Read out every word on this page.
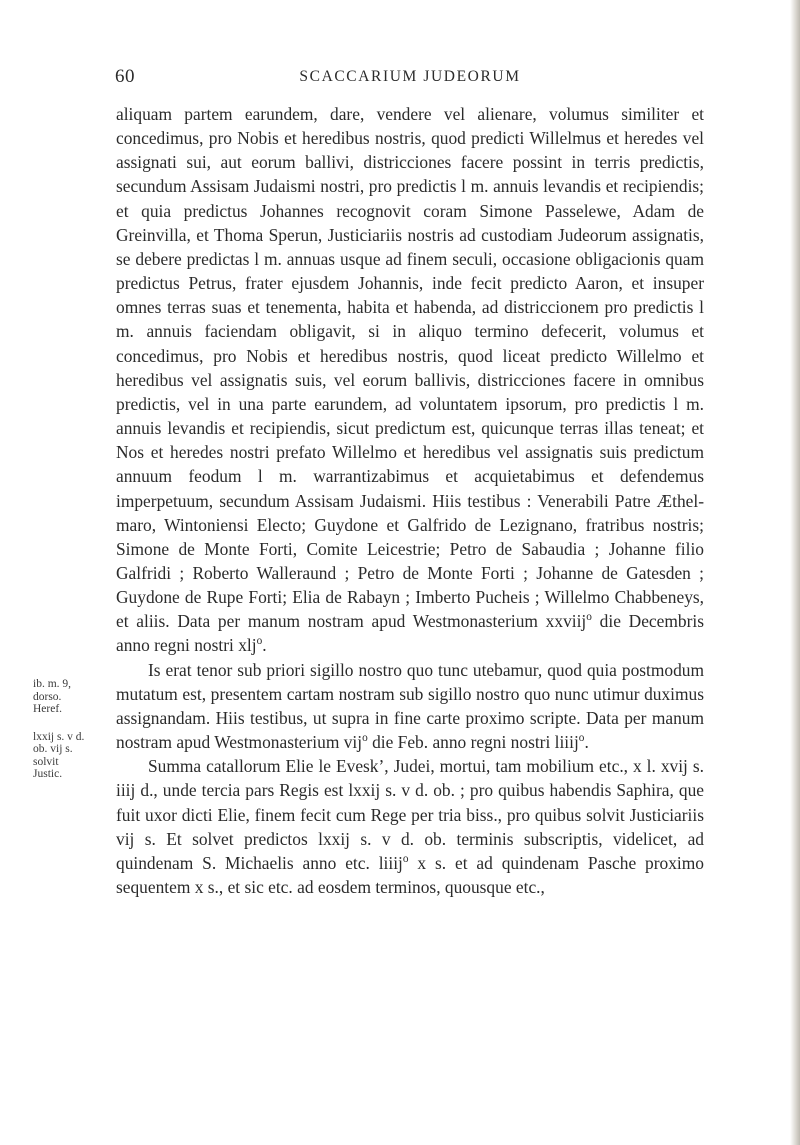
60	SCACCARIUM JUDEORUM

aliquam partem earundem, dare, vendere vel alienare, volumus similiter et concedimus, pro Nobis et heredibus nostris, quod predicti Willelmus et heredes vel assignati sui, aut eorum ballivi, districciones facere possint in terris predictis, secundum Assisam Judaismi nostri, pro predictis l m. annuis levandis et recipiendis; et quia predictus Johannes recognovit coram Simone Passelewe, Adam de Greinvilla, et Thoma Sperun, Justiciariis nostris ad custodiam Judeorum assignatis, se debere predictas l m. annuas usque ad finem seculi, occasione obligacionis quam predictus Petrus, frater ejusdem Johannis, inde fecit predicto Aaron, et insuper omnes terras suas et tenementa, habita et habenda, ad districcionem pro predictis l m. annuis faciendam obligavit, si in aliquo termino defecerit, volumus et concedimus, pro Nobis et heredibus nostris, quod liceat predicto Willelmo et heredibus vel assignatis suis, vel eorum ballivis, districciones facere in omnibus predictis, vel in una parte earundem, ad voluntatem ipsorum, pro predictis l m. annuis levandis et recipiendis, sicut predictum est, quicunque terras illas teneat; et Nos et heredes nostri prefato Willelmo et heredibus vel assignatis suis predictum annuum feodum l m. warrantizabimus et acquietabimus et defendemus imperpetuum, secundum Assisam Judaismi. Hiis testibus : Venerabili Patre Æthelmaro, Wintoniensi Electo; Guydone et Galfrido de Lezignano, fratribus nostris; Simone de Monte Forti, Comite Leicestrie; Petro de Sabaudia ; Johanne filio Galfridi ; Roberto Walleraund ; Petro de Monte Forti ; Johanne de Gatesden ; Guydone de Rupe Forti; Elia de Rabayn ; Imberto Pucheis ; Willelmo Chabbeneys, et aliis. Data per manum nostram apud Westmonasterium xxviij$^o$ die Decembris anno regni nostri xlj$^o$.

Is erat tenor sub priori sigillo nostro quo tunc utebamur, quod quia postmodum mutatum est, presentem cartam nostram sub sigillo nostro quo nunc utimur duximus assignandam. Hiis testibus, ut supra in fine carte proximo scripte. Data per manum nostram apud Westmonasterium vij$^o$ die Feb. anno regni nostri liiij$^o$.

Summa catallorum Elie le Evesk’, Judei, mortui, tam mobilium etc., x l. xvij s. iiij d., unde tercia pars Regis est lxxij s. v d. ob. ; pro quibus habendis Saphira, que fuit uxor dicti Elie, finem fecit cum Rege per tria biss., pro quibus solvit Justiciariis vij s. Et solvet predictos lxxij s. v d. ob. terminis subscriptis, videlicet, ad quindenam S. Michaelis anno etc. liiij$^o$ x s. et ad quindenam Pasche proximo sequentem x s., et sic etc. ad eosdem terminos, quousque etc.,

ib. m. 9,
dorso.
Heref.
lxxij s. v d.
ob. vij s.
solvit
Justic.
